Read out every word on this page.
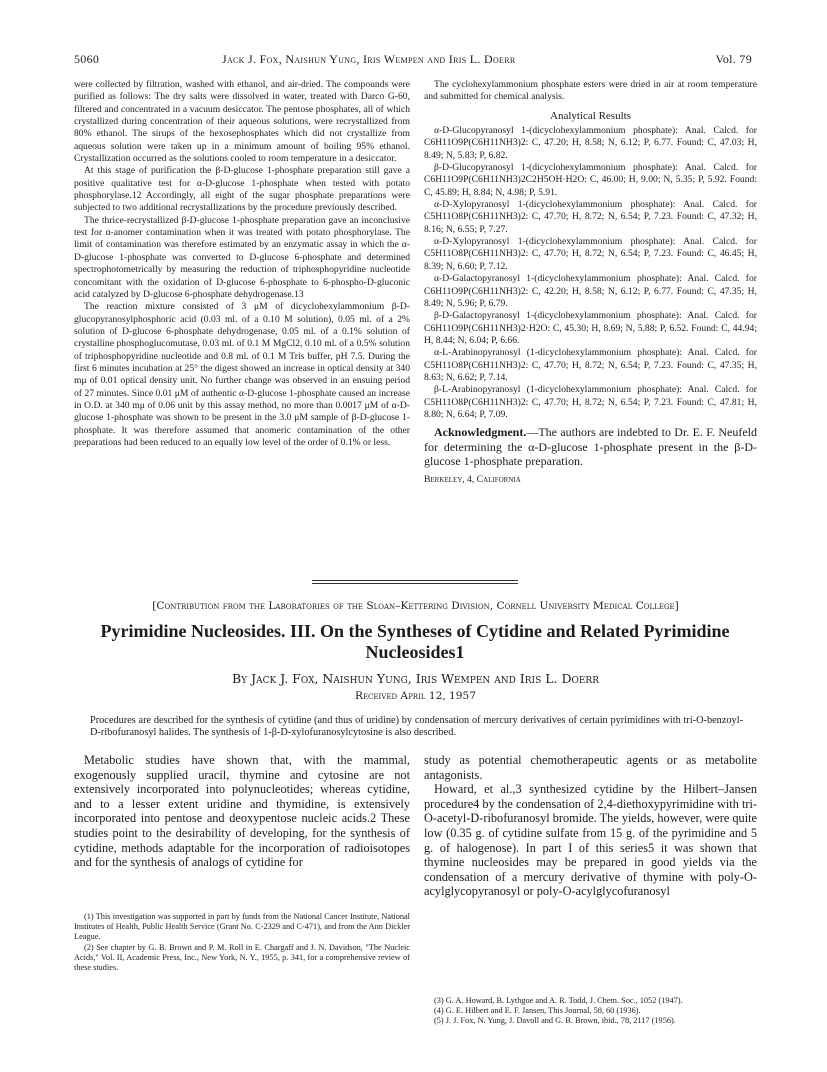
5060	Jack J. Fox, Naishun Yung, Iris Wempen and Iris L. Doerr	Vol. 79

were collected by filtration, washed with ethanol, and air-dried. The compounds were purified as follows: The dry salts were dissolved in water, treated with Darco G-60, filtered and concentrated in a vacuum desiccator. The pentose phosphates, all of which crystallized during concentration of their aqueous solutions, were recrystallized from 80% ethanol. The sirups of the hexosephosphates which did not crystallize from aqueous solution were taken up in a minimum amount of boiling 95% ethanol. Crystallization occurred as the solutions cooled to room temperature in a desiccator.

At this stage of purification the β-D-glucose 1-phosphate preparation still gave a positive qualitative test for α-D-glucose 1-phosphate when tested with potato phosphorylase.12 Accordingly, all eight of the sugar phosphate preparations were subjected to two additional recrystallizations by the procedure previously described.

The thrice-recrystallized β-D-glucose 1-phosphate preparation gave an inconclusive test for α-anomer contamination when it was treated with potato phosphorylase. The limit of contamination was therefore estimated by an enzymatic assay in which the α-D-glucose 1-phosphate was converted to D-glucose 6-phosphate and determined spectrophotometrically by measuring the reduction of triphosphopyridine nucleotide concomitant with the oxidation of D-glucose 6-phosphate to 6-phospho-D-gluconic acid catalyzed by D-glucose 6-phosphate dehydrogenase.13

The reaction mixture consisted of 3 μM of dicyclohexylammonium β-D-glucopyranosylphosphoric acid (0.03 ml. of a 0.10 M solution), 0.05 ml. of a 2% solution of D-glucose 6-phosphate dehydrogenase, 0.05 ml. of a 0.1% solution of crystalline phosphoglucomutase, 0.03 ml. of 0.1 M MgCl2, 0.10 ml. of a 0.5% solution of triphosphopyridine nucleotide and 0.8 ml. of 0.1 M Tris buffer, pH 7.5. During the first 6 minutes incubation at 25° the digest showed an increase in optical density at 340 mμ of 0.01 optical density unit. No further change was observed in an ensuing period of 27 minutes. Since 0.01 μM of authentic α-D-glucose 1-phosphate caused an increase in O.D. at 340 mμ of 0.06 unit by this assay method, no more than 0.0017 μM of α-D-glucose 1-phosphate was shown to be present in the 3.0 μM sample of β-D-glucose 1-phosphate. It was therefore assumed that anomeric contamination of the other preparations had been reduced to an equally low level of the order of 0.1% or less.

The cyclohexylammonium phosphate esters were dried in air at room temperature and submitted for chemical analysis.

Analytical Results

α-D-Glucopyranosyl 1-(dicyclohexylammonium phosphate): Anal. Calcd. for C6H11O9P(C6H11NH3)2: C, 47.20; H, 8.58; N, 6.12; P, 6.77. Found: C, 47.03; H, 8.49; N, 5.83; P, 6.82.

β-D-Glucopyranosyl 1-(dicyclohexylammonium phosphate): Anal. Calcd. for C6H11O9P(C6H11NH3)2C2H5OH·H2O: C, 46.00; H, 9.00; N, 5.35; P, 5.92. Found: C, 45.89; H, 8.84; N, 4.98; P, 5.91.

α-D-Xylopyranosyl 1-(dicyclohexylammonium phosphate): Anal. Calcd. for C5H11O8P(C6H11NH3)2: C, 47.70; H, 8.72; N, 6.54; P, 7.23. Found: C, 47.32; H, 8.16; N, 6.55; P, 7.27.

α-D-Xylopyranosyl 1-(dicyclohexylammonium phosphate): Anal. Calcd. for C5H11O8P(C6H11NH3)2: C, 47.70; H, 8.72; N, 6.54; P, 7.23. Found: C, 46.45; H, 8.39; N, 6.60; P, 7.12.

α-D-Galactopyranosyl 1-(dicyclohexylammonium phosphate): Anal. Calcd. for C6H11O9P(C6H11NH3)2: C, 42.20; H, 8.58; N, 6.12; P, 6.77. Found: C, 47.35; H, 8.49; N, 5.96; P, 6.79.

β-D-Galactopyranosyl 1-(dicyclohexylammonium phosphate): Anal. Calcd. for C6H11O9P(C6H11NH3)2·H2O: C, 45.30; H, 8.69; N, 5.88; P, 6.52. Found: C, 44.94; H, 8.44; N, 6.04; P, 6.66.

α-L-Arabinopyranosyl (1-dicyclohexylammonium phosphate): Anal. Calcd. for C5H11O8P(C6H11NH3)2: C, 47.70; H, 8.72; N, 6.54; P, 7.23. Found: C, 47.35; H, 8.63; N, 6.62; P, 7.14.

β-L-Arabinopyranosyl (1-dicyclohexylammonium phosphate): Anal. Calcd. for C5H11O8P(C6H11NH3)2: C, 47.70; H, 8.72; N, 6.54; P, 7.23. Found: C, 47.81; H, 8.80; N, 6.64; P, 7.09.

Acknowledgment.—The authors are indebted to Dr. E. F. Neufeld for determining the α-D-glucose 1-phosphate present in the β-D-glucose 1-phosphate preparation.

Berkeley, 4, California
[Contribution from the Laboratories of the Sloan–Kettering Division, Cornell University Medical College]
Pyrimidine Nucleosides. III. On the Syntheses of Cytidine and Related Pyrimidine
Nucleosides1
By Jack J. Fox, Naishun Yung, Iris Wempen and Iris L. Doerr
Received April 12, 1957
Procedures are described for the synthesis of cytidine (and thus of uridine) by condensation of mercury derivatives of certain pyrimidines with tri-O-benzoyl-D-ribofuranosyl halides. The synthesis of 1-β-D-xylofuranosylcytosine is also described.

Metabolic studies have shown that, with the mammal, exogenously supplied uracil, thymine and cytosine are not extensively incorporated into polynucleotides; whereas cytidine, and to a lesser extent uridine and thymidine, is extensively incorporated into pentose and deoxypentose nucleic acids.2 These studies point to the desirability of developing, for the synthesis of cytidine, methods adaptable for the incorporation of radioisotopes and for the synthesis of analogs of cytidine for

study as potential chemotherapeutic agents or as metabolite antagonists.

Howard, et al.,3 synthesized cytidine by the Hilbert–Jansen procedure4 by the condensation of 2,4-diethoxypyrimidine with tri-O-acetyl-D-ribofuranosyl bromide. The yields, however, were quite low (0.35 g. of cytidine sulfate from 15 g. of the pyrimidine and 5 g. of halogenose). In part I of this series5 it was shown that thymine nucleosides may be prepared in good yields via the condensation of a mercury derivative of thymine with poly-O-acylglycopyranosyl or poly-O-acylglycofuranosyl

(1) This investigation was supported in part by funds from the National Cancer Institute, National Institutes of Health, Public Health Service (Grant No. C-2329 and C-471), and from the Ann Dickler League.

(2) See chapter by G. B. Brown and P. M. Roll in E. Chargaff and J. N. Davidson, "The Nucleic Acids," Vol. II, Academic Press, Inc., New York, N. Y., 1955, p. 341, for a comprehensive review of these studies.

(3) G. A. Howard, B. Lythgoe and A. R. Todd, J. Chem. Soc., 1052 (1947).

(4) G. E. Hilbert and E. F. Jansen, This Journal, 58, 60 (1936).

(5) J. J. Fox, N. Yung, J. Davoll and G. B. Brown, ibid., 78, 2117 (1956).
